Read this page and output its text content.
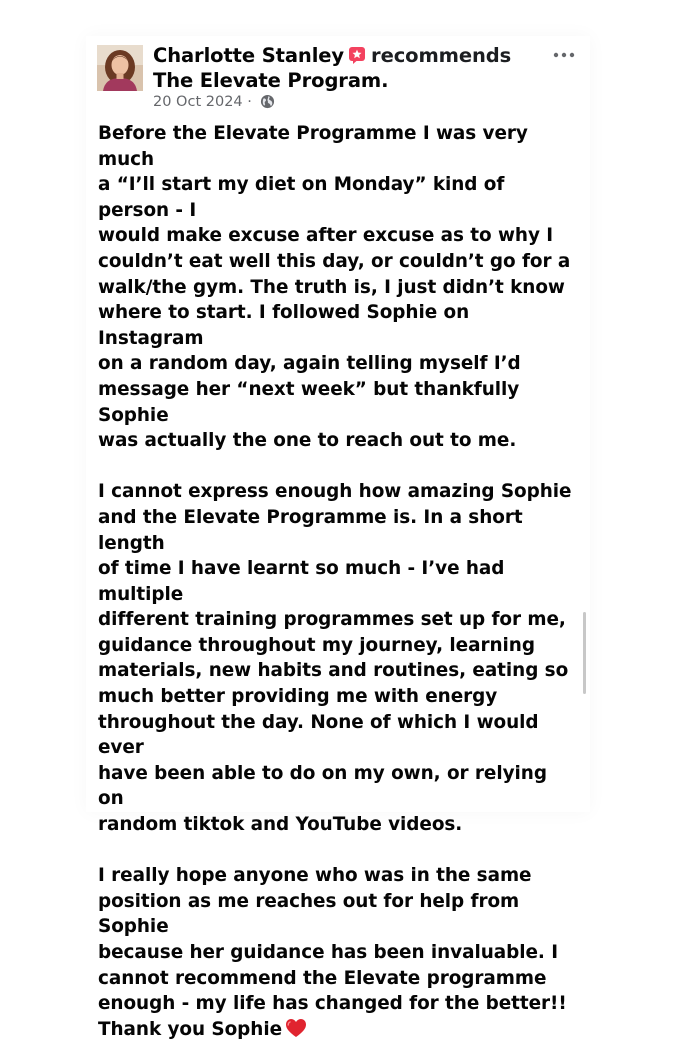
Charlotte Stanley recommends
The Elevate Program.
20 Oct 2024 ·

Before the Elevate Programme I was very much
a “I’ll start my diet on Monday” kind of person - I
would make excuse after excuse as to why I
couldn’t eat well this day, or couldn’t go for a
walk/the gym. The truth is, I just didn’t know
where to start. I followed Sophie on Instagram
on a random day, again telling myself I’d
message her “next week” but thankfully Sophie
was actually the one to reach out to me.

I cannot express enough how amazing Sophie
and the Elevate Programme is. In a short length
of time I have learnt so much - I’ve had multiple
different training programmes set up for me,
guidance throughout my journey, learning
materials, new habits and routines, eating so
much better providing me with energy
throughout the day. None of which I would ever
have been able to do on my own, or relying on
random tiktok and YouTube videos.

I really hope anyone who was in the same
position as me reaches out for help from Sophie
because her guidance has been invaluable. I
cannot recommend the Elevate programme
enough - my life has changed for the better!!
Thank you Sophie
